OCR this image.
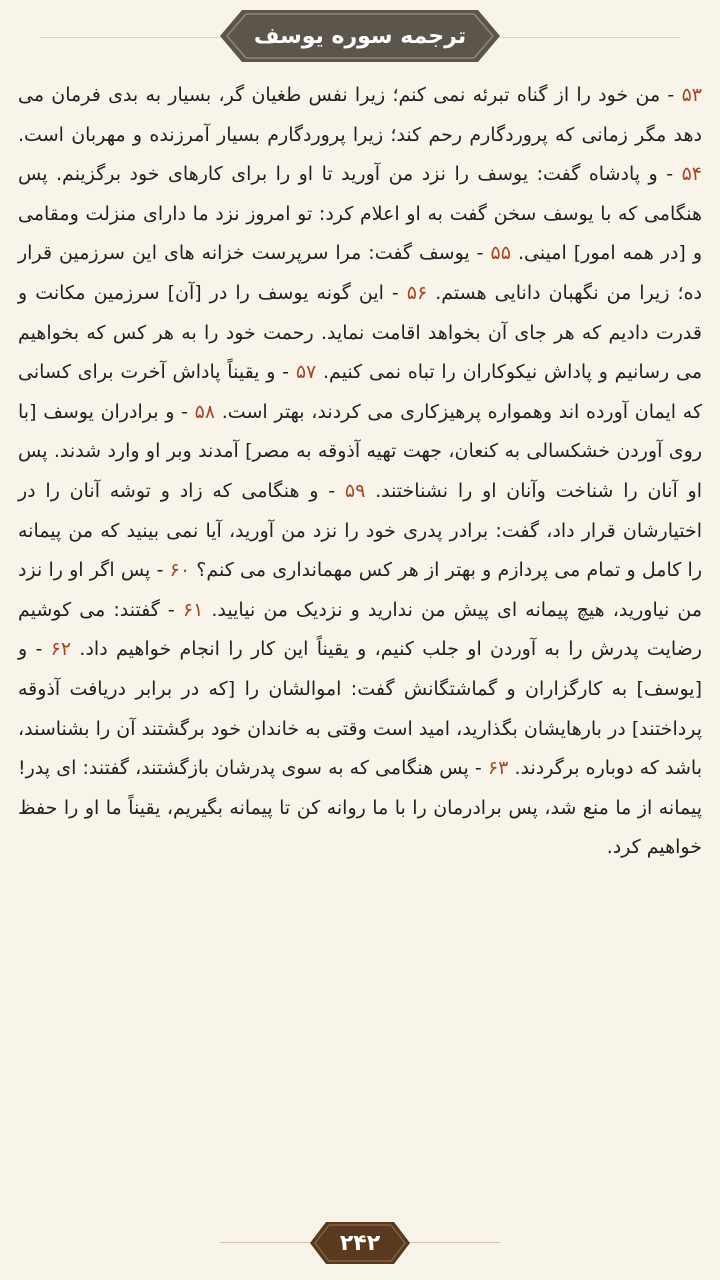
ترجمه سوره یوسف

۵۳ - من خود را از گناه تبرئه نمی کنم؛ زیرا نفس طغیان گر، بسیار به بدی فرمان می دهد مگر زمانی که پروردگارم رحم کند؛ زیرا پروردگارم بسیار آمرزنده و مهربان است. ۵۴ - و پادشاه گفت: یوسف را نزد من آورید تا او را برای کارهای خود برگزینم. پس هنگامی که با یوسف سخن گفت به او اعلام کرد: تو امروز نزد ما دارای منزلت ومقامی و [در همه امور] امینی. ۵۵ - یوسف گفت: مرا سرپرست خزانه های این سرزمین قرار ده؛ زیرا من نگهبان دانایی هستم. ۵۶ - این گونه یوسف را در [آن] سرزمین مکانت و قدرت دادیم که هر جای آن بخواهد اقامت نماید. رحمت خود را به هر کس که بخواهیم می رسانیم و پاداش نیکوکاران را تباه نمی کنیم. ۵۷ - و یقیناً پاداش آخرت برای کسانی که ایمان آورده اند وهمواره پرهیزکاری می کردند، بهتر است. ۵۸ - و برادران یوسف [با روی آوردن خشکسالی به کنعان، جهت تهیه آذوقه به مصر] آمدند وبر او وارد شدند. پس او آنان را شناخت وآنان او را نشناختند. ۵۹ - و هنگامی که زاد و توشه آنان را در اختیارشان قرار داد، گفت: برادر پدری خود را نزد من آورید، آیا نمی بینید که من پیمانه را کامل و تمام می پردازم و بهتر از هر کس مهمانداری می کنم؟ ۶۰ - پس اگر او را نزد من نیاورید، هیچ پیمانه ای پیش من ندارید و نزدیک من نیایید. ۶۱ - گفتند: می کوشیم رضایت پدرش را به آوردن او جلب کنیم، و یقیناً این کار را انجام خواهیم داد. ۶۲ - و [یوسف] به کارگزاران و گماشتگانش گفت: اموالشان را [که در برابر دریافت آذوقه پرداختند] در بارهایشان بگذارید، امید است وقتی به خاندان خود برگشتند آن را بشناسند، باشد که دوباره برگردند. ۶۳ - پس هنگامی که به سوی پدرشان بازگشتند، گفتند: ای پدر! پیمانه از ما منع شد، پس برادرمان را با ما روانه کن تا پیمانه بگیریم، یقیناً ما او را حفظ خواهیم کرد.

۲۴۲
